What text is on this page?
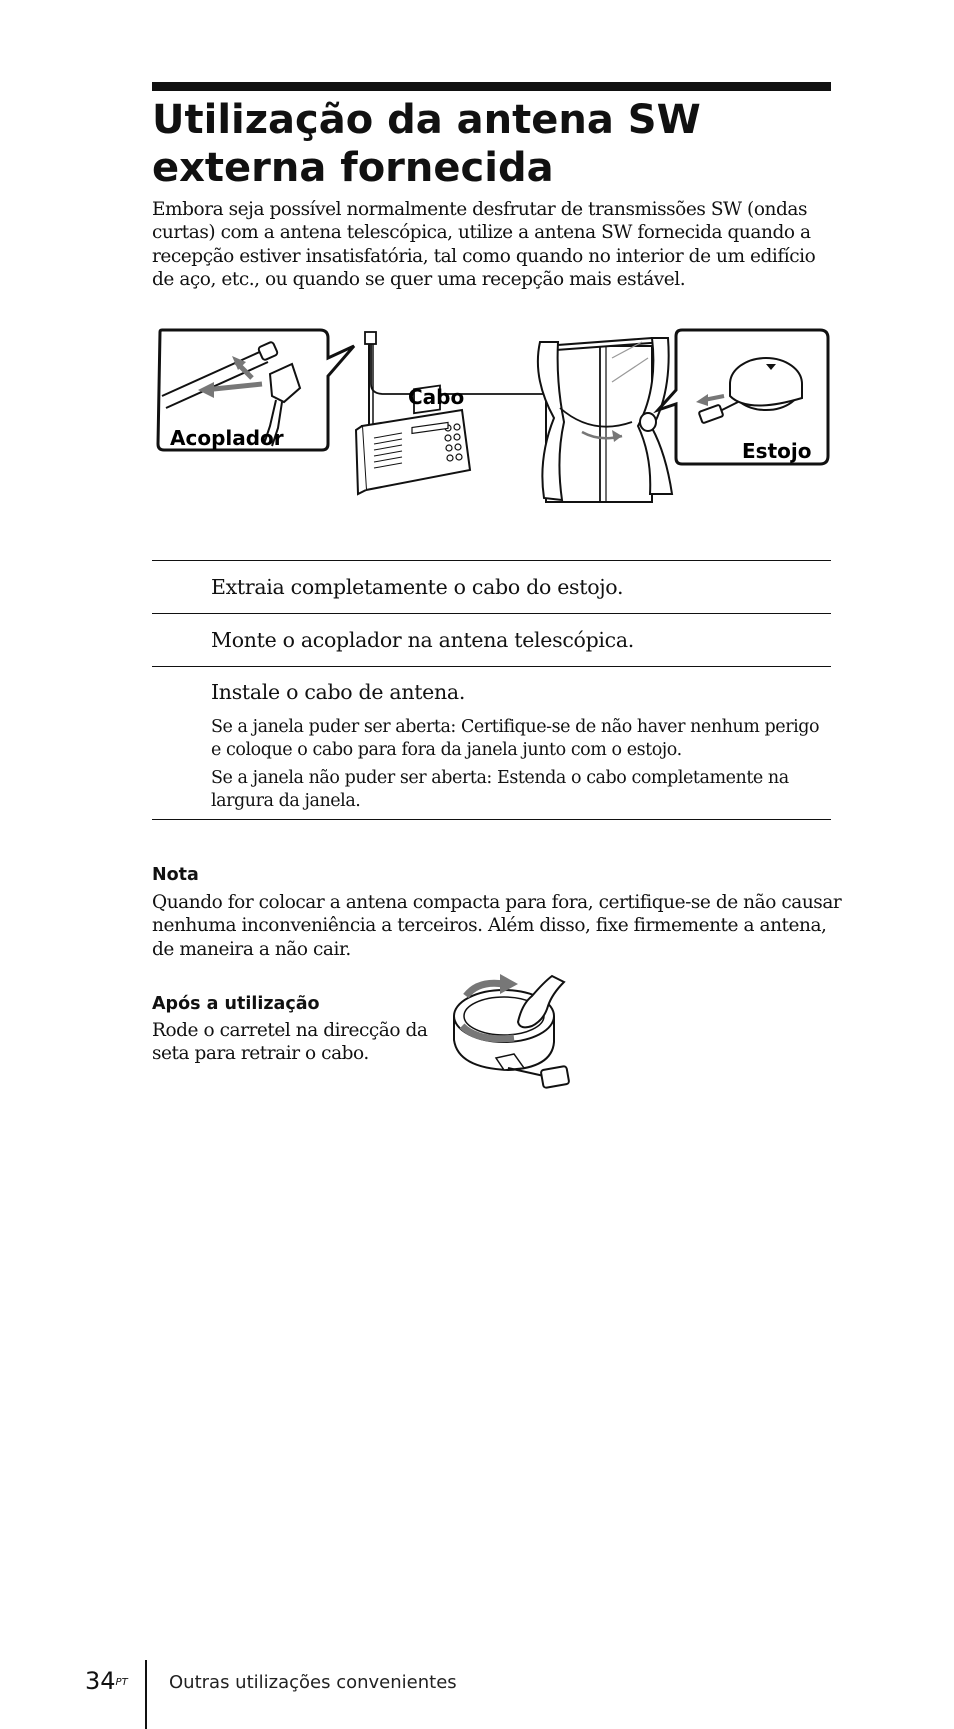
Utilização da antena SW externa fornecida

Embora seja possível normalmente desfrutar de transmissões SW (ondas curtas) com a antena telescópica, utilize a antena SW fornecida quando a recepção estiver insatisfatória, tal como quando no interior de um edifício de aço, etc., ou quando se quer uma recepção mais estável.

Acoplador
Cabo
Estojo
Extraia completamente o cabo do estojo.
Monte o acoplador na antena telescópica.
Instale o cabo de antena.

Se a janela puder ser aberta: Certifique-se de não haver nenhum perigo e coloque o cabo para fora da janela junto com o estojo.

Se a janela não puder ser aberta: Estenda o cabo completamente na largura da janela.

Nota

Quando for colocar a antena compacta para fora, certifique-se de não causar nenhuma inconveniência a terceiros. Além disso, fixe firmemente a antena, de maneira a não cair.

Após a utilização

Rode o carretel na direcção da seta para retrair o cabo.

$34^{PT}$ Outras utilizações convenientes
